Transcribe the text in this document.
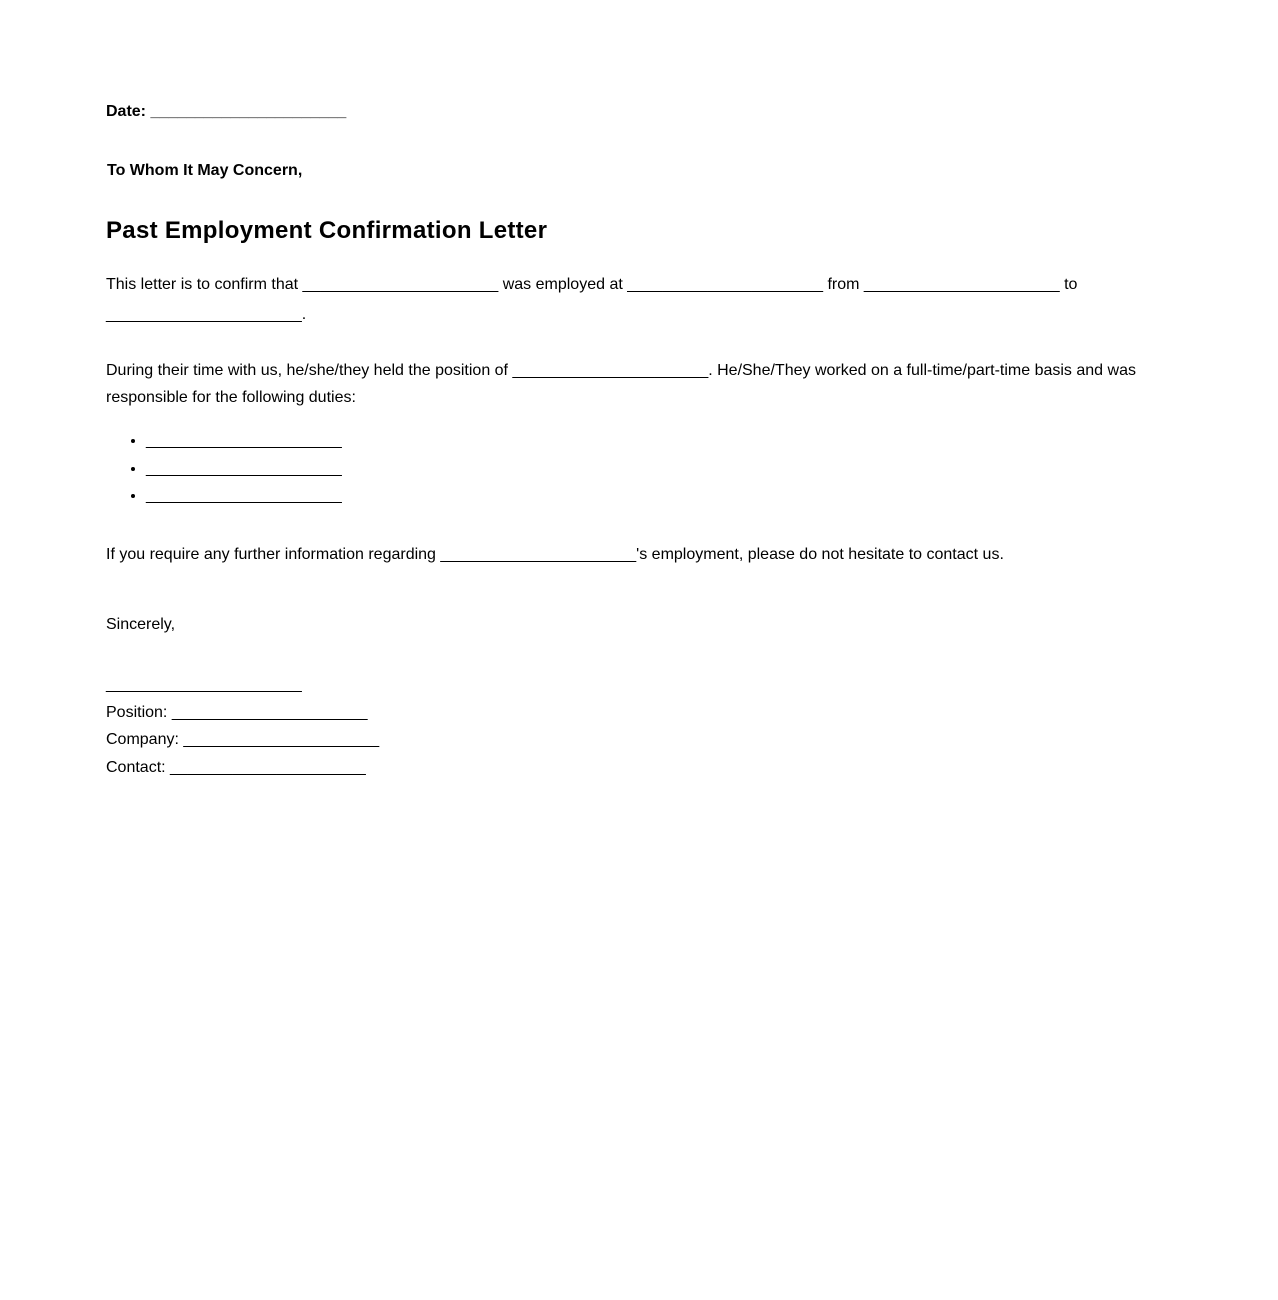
Date: ______________________
To Whom It May Concern,
Past Employment Confirmation Letter

This letter is to confirm that ______________________ was employed at ______________________ from ______________________ to ______________________.

During their time with us, he/she/they held the position of ______________________. He/She/They worked on a full-time/part-time basis and was responsible for the following duties:

• ______________________
• ______________________
• ______________________

If you require any further information regarding ______________________'s employment, please do not hesitate to contact us.

Sincerely,
______________________
Position: ______________________
Company: ______________________
Contact: ______________________
